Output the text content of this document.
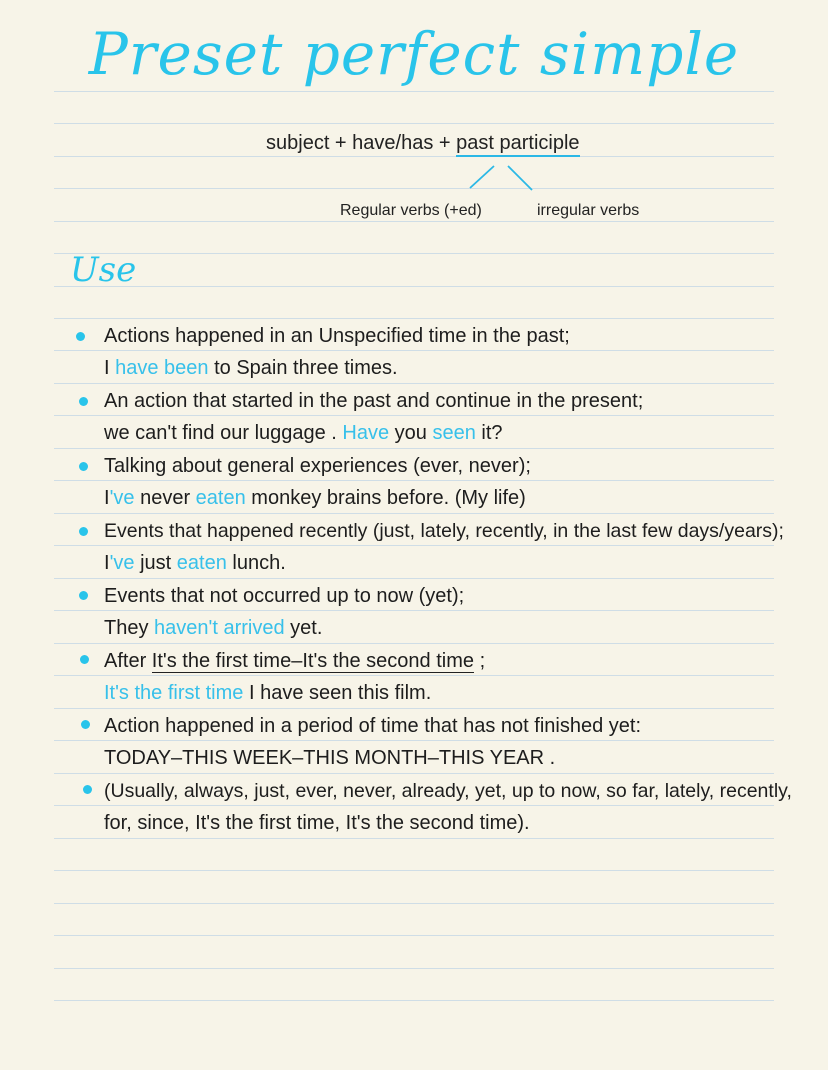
Preset perfect simple
subject + have/has + past participle
Regular verbs (+ed)	irregular verbs
Use
Actions happened in an Unspecified time in the past;
I have been to Spain three times.
An action that started in the past and continue in the present;
we can't find our luggage . Have you seen it?
Talking about general experiences (ever, never);
I've never eaten monkey brains before. (My life)
Events that happened recently (just, lately, recently, in the last few days/years);
I've just eaten lunch.
Events that not occurred up to now (yet);
They haven't arrived yet.
After It's the first time–It's the second time ;
It's the first time I have seen this film.
Action happened in a period of time that has not finished yet:
TODAY–THIS WEEK–THIS MONTH–THIS YEAR .
(Usually, always, just, ever, never, already, yet, up to now, so far, lately, recently,
for, since, It's the first time, It's the second time).
